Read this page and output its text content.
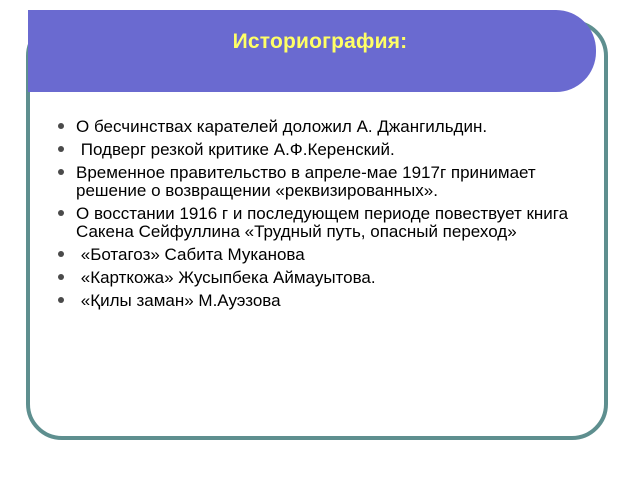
Историография:
О бесчинствах карателей доложил А. Джангильдин.
Подверг резкой критике А.Ф.Керенский.
Временное правительство в апреле-мае 1917г принимает решение о возвращении «реквизированных».
О восстании 1916 г и последующем периоде повествует книга Сакена Сейфуллина «Трудный путь, опасный переход»
«Ботагоз» Сабита Муканова
«Карткожа» Жусыпбека Аймауытова.
«Қилы заман» М.Ауэзова
